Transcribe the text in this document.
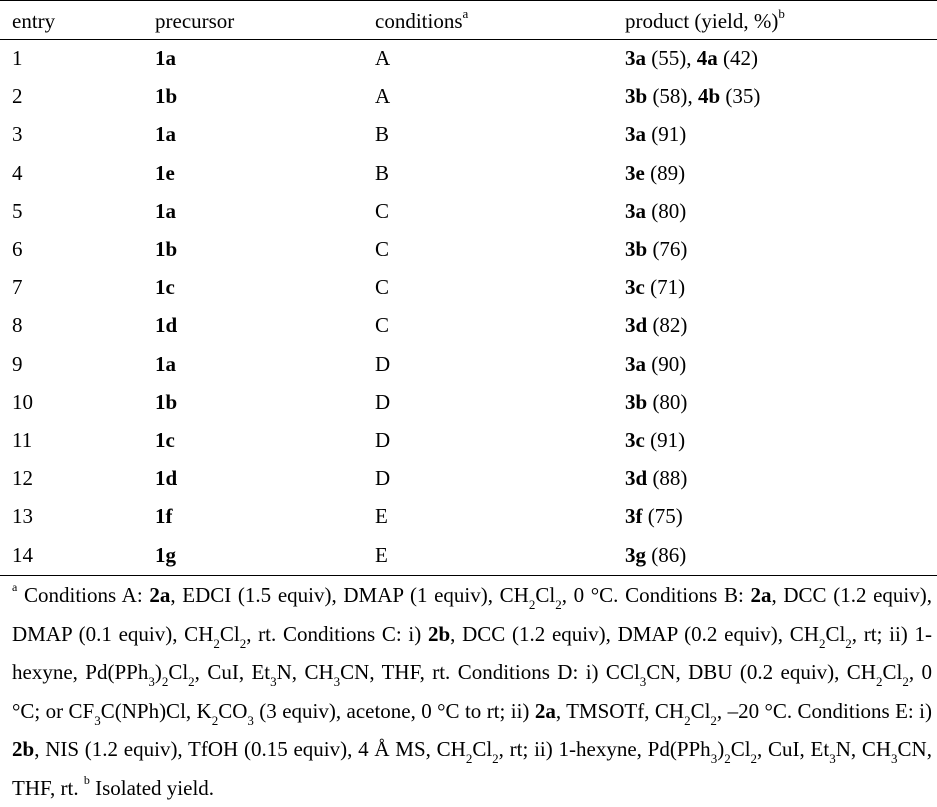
entry	precursor	conditions$^a$	product (yield, %)$^b$
1	1a	A	3a (55), 4a (42)
2	1b	A	3b (58), 4b (35)
3	1a	B	3a (91)
4	1e	B	3e (89)
5	1a	C	3a (80)
6	1b	C	3b (76)
7	1c	C	3c (71)
8	1d	C	3d (82)
9	1a	D	3a (90)
10	1b	D	3b (80)
11	1c	D	3c (91)
12	1d	D	3d (88)
13	1f	E	3f (75)
14	1g	E	3g (86)
$^a$ Conditions A: 2a, EDCI (1.5 equiv), DMAP (1 equiv), $CH_2Cl_2$, 0 °C. Conditions B: 2a, DCC (1.2 equiv), DMAP (0.1 equiv), $CH_2Cl_2$, rt. Conditions C: i) 2b, DCC (1.2 equiv), DMAP (0.2 equiv), $CH_2Cl_2$, rt; ii) 1-hexyne, $Pd(PPh_3)_2Cl_2$, CuI, $Et_3N$, $CH_3CN$, THF, rt. Conditions D: i) CCl$_3$CN, DBU (0.2 equiv), $CH_2Cl_2$, 0 °C; or $CF_3C(NPh)Cl$, $K_2CO_3$ (3 equiv), acetone, 0 °C to rt; ii) 2a, TMSOTf, $CH_2Cl_2$, –20 °C. Conditions E: i) 2b, NIS (1.2 equiv), TfOH (0.15 equiv), 4 Å MS, $CH_2Cl_2$, rt; ii) 1-hexyne, $Pd(PPh_3)_2Cl_2$, CuI, $Et_3N$, $CH_3CN$, THF, rt. $^b$ Isolated yield.
